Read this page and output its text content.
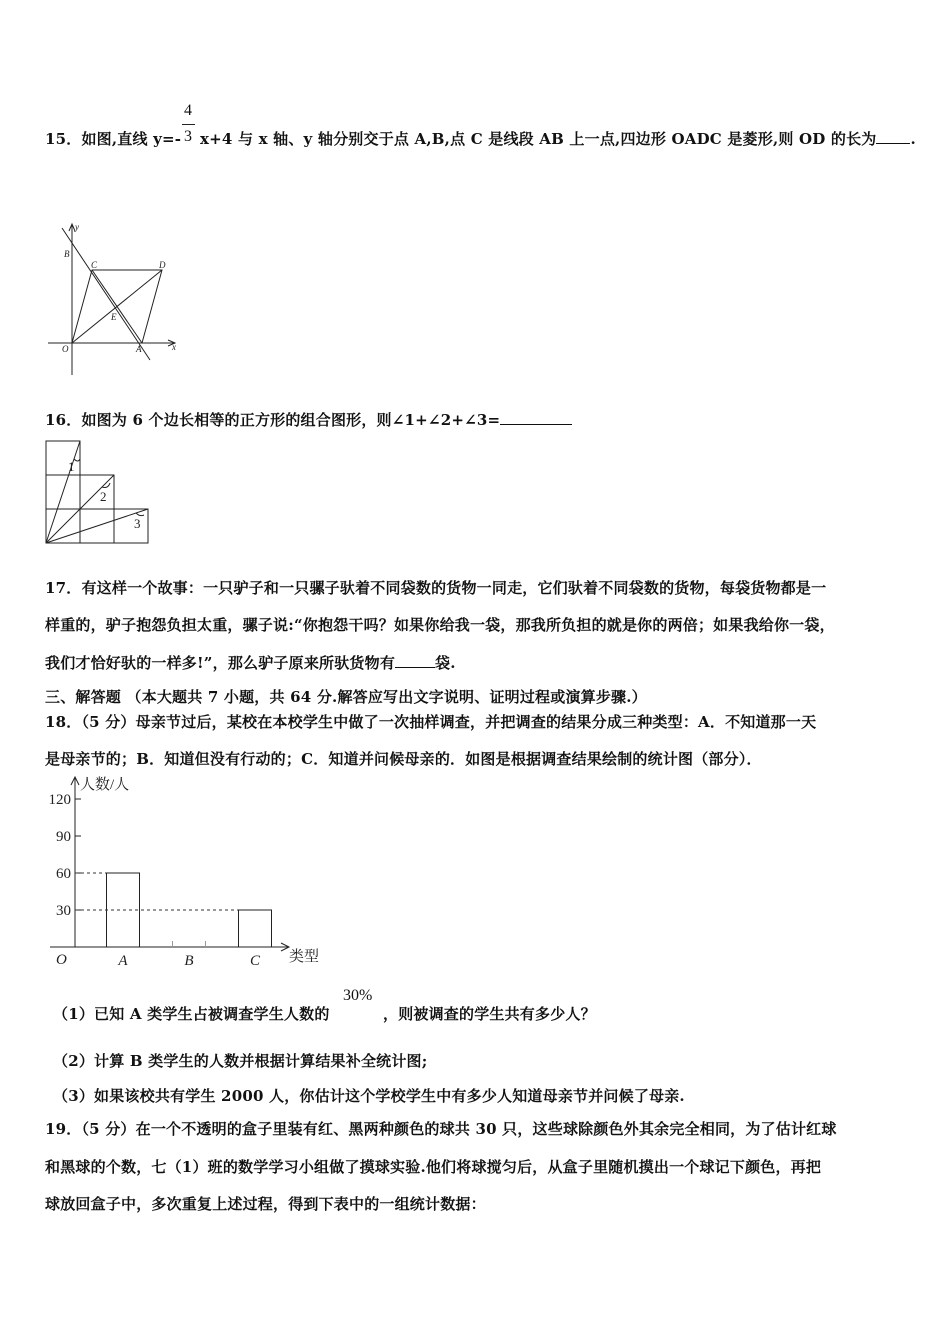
4
3
15．如图,直线 y=- x+4 与 x 轴、y 轴分别交于点 A,B,点 C 是线段 AB 上一点,四边形 OADC 是菱形,则 OD 的长为 .
y
x
B
C	D
E
O	A
16．如图为 6 个边长相等的正方形的组合图形，则∠1+∠2+∠3=
1
2
3
17．有这样一个故事：一只驴子和一只骡子驮着不同袋数的货物一同走，它们驮着不同袋数的货物，每袋货物都是一
样重的，驴子抱怨负担太重，骡子说:“你抱怨干吗？如果你给我一袋，那我所负担的就是你的两倍；如果我给你一袋，
我们才恰好驮的一样多!”，那么驴子原来所驮货物有	袋.
三、解答题 （本大题共 7 小题，共 64 分.解答应写出文字说明、证明过程或演算步骤.）
18．（5 分）母亲节过后，某校在本校学生中做了一次抽样调查，并把调查的结果分成三种类型：A．不知道那一天
是母亲节的；B．知道但没有行动的；C．知道并问候母亲的．如图是根据调查结果绘制的统计图（部分）．
人数/人
类型
O
30
60
90
120
A	B	C
（1）已知 A 类学生占被调查学生人数的
30%
，则被调查的学生共有多少人？
（2）计算 B 类学生的人数并根据计算结果补全统计图;
（3）如果该校共有学生 2000 人，你估计这个学校学生中有多少人知道母亲节并问候了母亲.
19．（5 分）在一个不透明的盒子里装有红、黑两种颜色的球共 30 只，这些球除颜色外其余完全相同，为了估计红球
和黑球的个数，七（1）班的数学学习小组做了摸球实验.他们将球搅匀后，从盒子里随机摸出一个球记下颜色，再把
球放回盒子中，多次重复上述过程，得到下表中的一组统计数据：
